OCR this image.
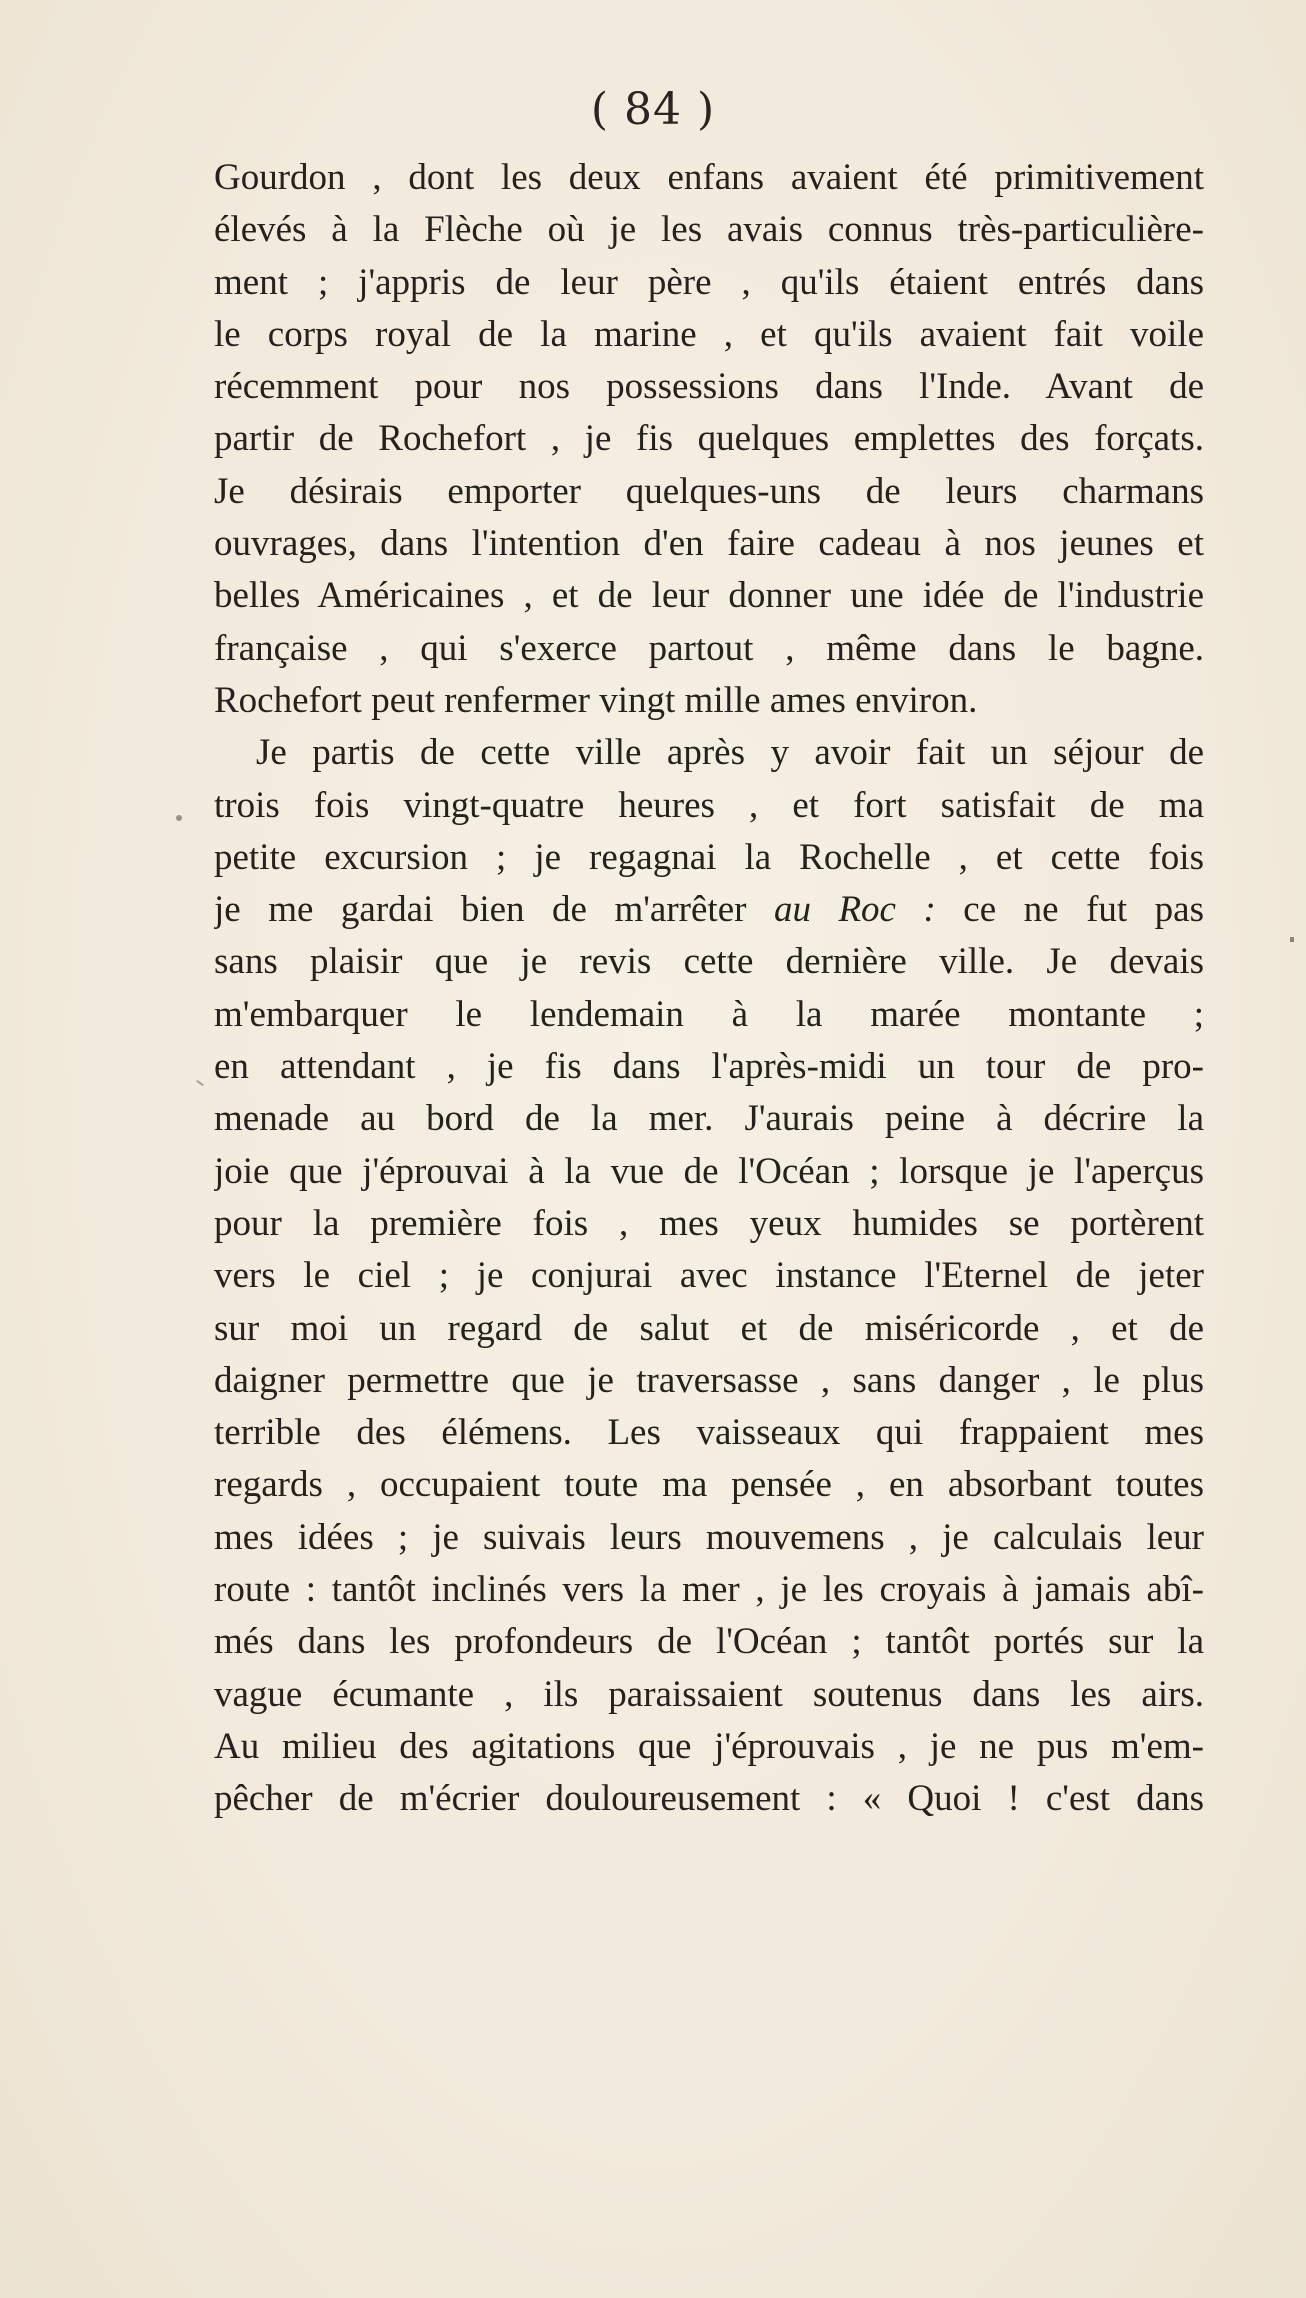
( 84 )
Gourdon , dont les deux enfans avaient été primitivement
élevés à la Flèche où je les avais connus très-particulière-
ment ; j'appris de leur père , qu'ils étaient entrés dans
le corps royal de la marine , et qu'ils avaient fait voile
récemment pour nos possessions dans l'Inde. Avant de
partir de Rochefort , je fis quelques emplettes des forçats.
Je désirais emporter quelques-uns de leurs charmans
ouvrages, dans l'intention d'en faire cadeau à nos jeunes et
belles Américaines , et de leur donner une idée de l'industrie
française , qui s'exerce partout , même dans le bagne.
Rochefort peut renfermer vingt mille ames environ.
Je partis de cette ville après y avoir fait un séjour de
trois fois vingt-quatre heures , et fort satisfait de ma
petite excursion ; je regagnai la Rochelle , et cette fois
je me gardai bien de m'arrêter au Roc : ce ne fut pas
sans plaisir que je revis cette dernière ville. Je devais
m'embarquer le lendemain à la marée montante ;
en attendant , je fis dans l'après-midi un tour de pro-
menade au bord de la mer. J'aurais peine à décrire la
joie que j'éprouvai à la vue de l'Océan ; lorsque je l'aperçus
pour la première fois , mes yeux humides se portèrent
vers le ciel ; je conjurai avec instance l'Eternel de jeter
sur moi un regard de salut et de miséricorde , et de
daigner permettre que je traversasse , sans danger , le plus
terrible des élémens. Les vaisseaux qui frappaient mes
regards , occupaient toute ma pensée , en absorbant toutes
mes idées ; je suivais leurs mouvemens , je calculais leur
route : tantôt inclinés vers la mer , je les croyais à jamais abî-
més dans les profondeurs de l'Océan ; tantôt portés sur la
vague écumante , ils paraissaient soutenus dans les airs.
Au milieu des agitations que j'éprouvais , je ne pus m'em-
pêcher de m'écrier douloureusement : « Quoi ! c'est dans
